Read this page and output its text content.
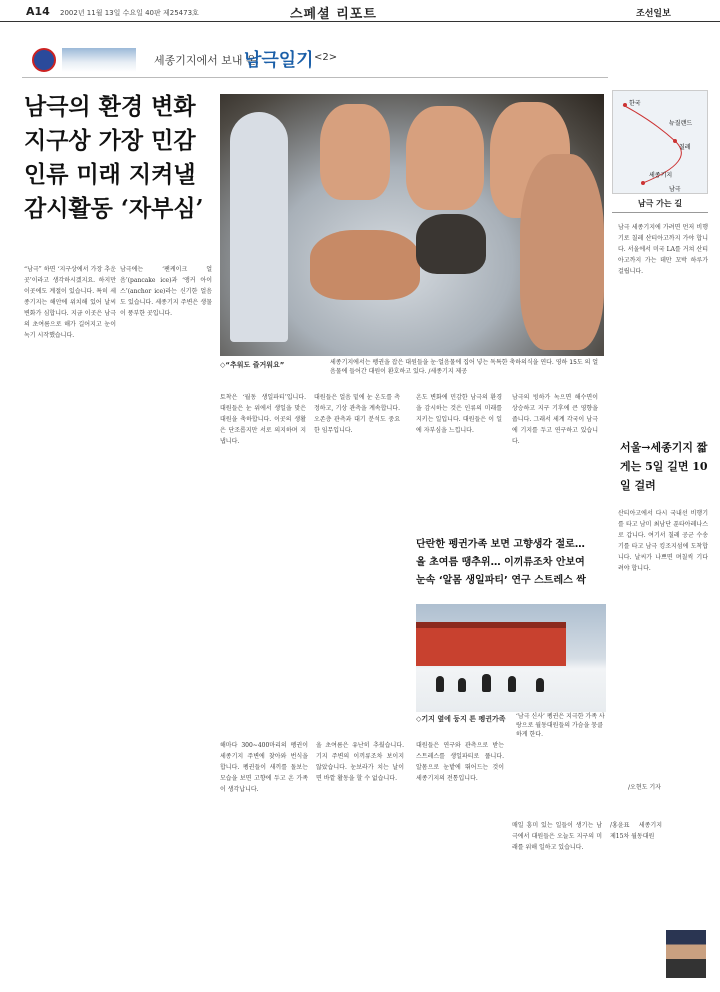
A14 2002년 11월 13일 수요일 40판 제25473호	스페셜 리포트	조선일보
세종기지에서 보내 온
남극일기 <2>
남극의 환경 변화
지구상 가장 민감
인류 미래 지켜낼
감시활동 ‘자부심’
◇“추워도 즐거워요”	세종기지에서는 펭귄을 잡은 대원들을 눈·얼음물에 집어 넣는 독특한 축하의식을 연다. 영하 15도 의 얼음물에 들어간 대원이 환호하고 있다. /세종기지 제공
“남극” 하면 ‘지구상에서 가장 추운 곳’이라고 생각하시겠지요. 하지만 이곳에도 계절이 있습니다. 특히 세종기지는 해안에 위치해 있어 날씨 변화가 심합니다. 지금 이곳은 남극의 초여름으로 해가 길어지고 눈이 녹기 시작했습니다.
남극에는 ‘팬케이크 얼음’(pancake ice)과 ‘앵커 아이스’(anchor ice)라는 신기한 얼음도 있습니다. 세종기지 주변은 생물이 풍부한 곳입니다.
토착은 ‘월동 생일파티’입니다. 대원들은 눈 위에서 생일을 맞은 대원을 축하합니다. 이곳의 생활은 단조롭지만 서로 의지하며 지냅니다.
대원들은 얼음 밑에 눈 온도를 측정하고, 기상 관측을 계속합니다. 오존층 관측과 대기 분석도 중요한 임무입니다.
온도 변화에 민감한 남극의 환경을 감시하는 것은 인류의 미래를 지키는 일입니다. 대원들은 이 일에 자부심을 느낍니다.
남극의 빙하가 녹으면 해수면이 상승하고 지구 기후에 큰 영향을 줍니다. 그래서 세계 각국이 남극에 기지를 두고 연구하고 있습니다.
한국
뉴질랜드
칠레
세종기지
남극
남극 가는 길
남극 세종기지에 가려면 먼저 비행기로 칠레 산티아고까지 가야 합니다. 서울에서 미국 LA를 거쳐 산티아고까지 가는 데만 꼬박 하루가 걸립니다.
서울→세종기지 짧게는 5일 길면 10일 걸려
산티아고에서 다시 국내선 비행기를 타고 남미 최남단 푼타아레나스로 갑니다. 여기서 칠레 공군 수송기를 타고 남극 킹조지섬에 도착합니다. 날씨가 나쁘면 며칠씩 기다려야 합니다.
/오현도 기자
단란한 펭귄가족 보면 고향생각 절로…
올 초여름 땡추위… 이끼류조차 안보여
눈속 ‘알몸 생일파티’ 연구 스트레스 싹
◇기지 옆에 둥지 튼 펭귄가족 ‘남극 신사’ 펭귄은 지극한 가족 사랑으로 월동대원들의 가슴을 뭉클하게 한다.
해마다 300~400마리의 펭귄이 세종기지 주변에 찾아와 번식을 합니다. 펭귄들이 새끼를 돌보는 모습을 보면 고향에 두고 온 가족이 생각납니다.
올 초여름은 유난히 추웠습니다. 기지 주변의 이끼류조차 보이지 않았습니다. 눈보라가 치는 날이면 바깥 활동을 할 수 없습니다.
대원들은 연구와 관측으로 받는 스트레스를 생일파티로 풉니다. 알몸으로 눈밭에 뛰어드는 것이 세종기지의 전통입니다.
매일 흥미 있는 일들이 생기는 남극에서 대원들은 오늘도 지구의 미래를 위해 일하고 있습니다.
/홍윤표 세종기지 제15차 월동대원
